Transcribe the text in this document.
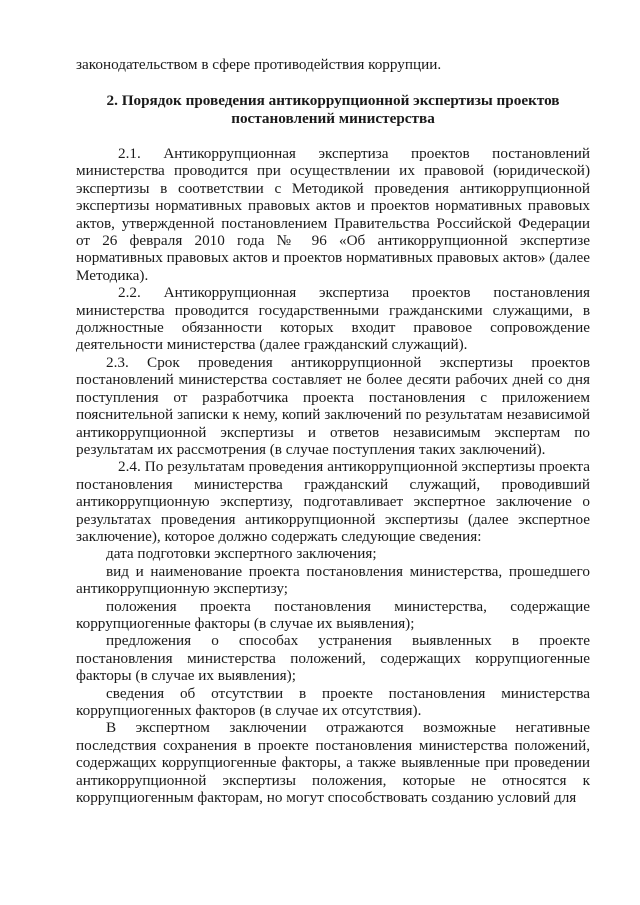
законодательством в сфере противодействия коррупции.

2. Порядок проведения антикоррупционной экспертизы проектов
постановлений министерства

2.1. Антикоррупционная экспертиза проектов постановлений министерства проводится при осуществлении их правовой (юридической) экспертизы в соответствии с Методикой проведения антикоррупционной экспертизы нормативных правовых актов и проектов нормативных правовых актов, утвержденной постановлением Правительства Российской Федерации от 26 февраля 2010 года № 96 «Об антикоррупционной экспертизе нормативных правовых актов и проектов нормативных правовых актов» (далее Методика).

2.2. Антикоррупционная экспертиза проектов постановления министерства проводится государственными гражданскими служащими, в должностные обязанности которых входит правовое сопровождение деятельности министерства (далее гражданский служащий).

2.3. Срок проведения антикоррупционной экспертизы проектов постановлений министерства составляет не более десяти рабочих дней со дня поступления от разработчика проекта постановления с приложением пояснительной записки к нему, копий заключений по результатам независимой антикоррупционной экспертизы и ответов независимым экспертам по результатам их рассмотрения (в случае поступления таких заключений).

2.4. По результатам проведения антикоррупционной экспертизы проекта постановления министерства гражданский служащий, проводивший антикоррупционную экспертизу, подготавливает экспертное заключение о результатах проведения антикоррупционной экспертизы (далее экспертное заключение), которое должно содержать следующие сведения:

дата подготовки экспертного заключения;

вид и наименование проекта постановления министерства, прошедшего антикоррупционную экспертизу;

положения проекта постановления министерства, содержащие коррупциогенные факторы (в случае их выявления);

предложения о способах устранения выявленных в проекте постановления министерства положений, содержащих коррупциогенные факторы (в случае их выявления);

сведения об отсутствии в проекте постановления министерства коррупциогенных факторов (в случае их отсутствия).

В экспертном заключении отражаются возможные негативные последствия сохранения в проекте постановления министерства положений, содержащих коррупциогенные факторы, а также выявленные при проведении антикоррупционной экспертизы положения, которые не относятся к коррупциогенным факторам, но могут способствовать созданию условий для
